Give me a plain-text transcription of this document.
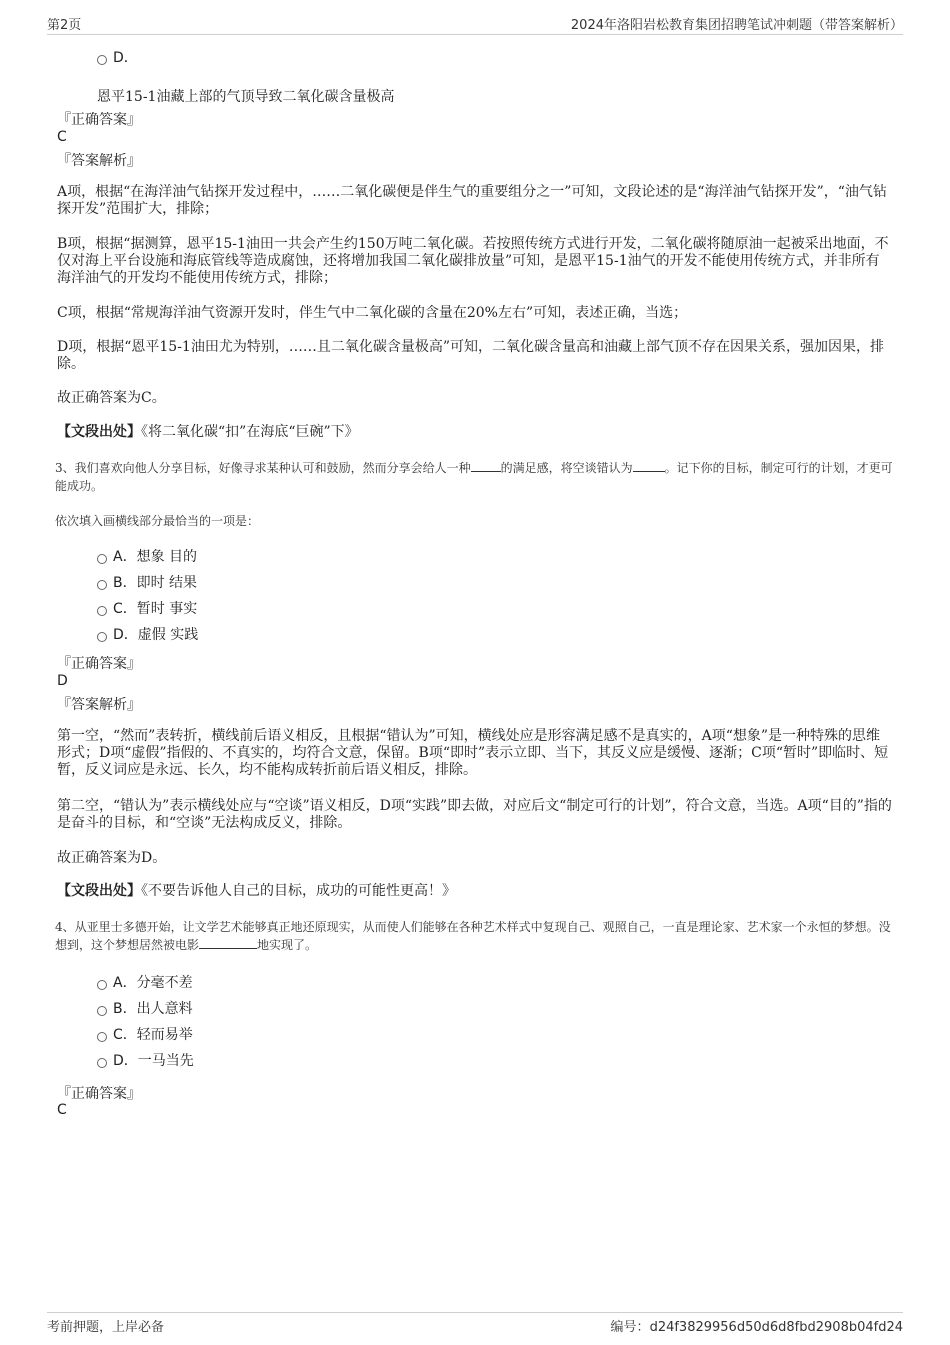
第2页	2024年洛阳岩松教育集团招聘笔试冲刺题（带答案解析）
D．
恩平15-1油藏上部的气顶导致二氧化碳含量极高
『正确答案』
C
『答案解析』
A项，根据“在海洋油气钻探开发过程中，……二氧化碳便是伴生气的重要组分之一”可知，文段论述的是“海洋油气钻探开发”，“油气钻探开发”范围扩大，排除；
B项，根据“据测算，恩平15-1油田一共会产生约150万吨二氧化碳。若按照传统方式进行开发，二氧化碳将随原油一起被采出地面，不仅对海上平台设施和海底管线等造成腐蚀，还将增加我国二氧化碳排放量”可知，是恩平15-1油气的开发不能使用传统方式，并非所有海洋油气的开发均不能使用传统方式，排除；
C项，根据“常规海洋油气资源开发时，伴生气中二氧化碳的含量在20%左右”可知，表述正确，当选；
D项，根据“恩平15-1油田尤为特别，……且二氧化碳含量极高”可知，二氧化碳含量高和油藏上部气顶不存在因果关系，强加因果，排除。
故正确答案为C。
【文段出处】《将二氧化碳“扣”在海底“巨碗”下》
3、我们喜欢向他人分享目标，好像寻求某种认可和鼓励，然而分享会给人一种	的满足感，将空谈错认为	。记下你的目标，制定可行的计划，才更可能成功。
依次填入画横线部分最恰当的一项是：
A．想象 目的
B．即时 结果
C．暂时 事实
D．虚假 实践
『正确答案』
D
『答案解析』
第一空，“然而”表转折，横线前后语义相反，且根据“错认为”可知，横线处应是形容满足感不是真实的，A项“想象”是一种特殊的思维形式；D项“虚假”指假的、不真实的，均符合文意，保留。B项“即时”表示立即、当下，其反义应是缓慢、逐渐；C项“暂时”即临时、短暂，反义词应是永远、长久，均不能构成转折前后语义相反，排除。
第二空，“错认为”表示横线处应与“空谈”语义相反，D项“实践”即去做，对应后文“制定可行的计划”，符合文意，当选。A项“目的”指的是奋斗的目标，和“空谈”无法构成反义，排除。
故正确答案为D。
【文段出处】《不要告诉他人自己的目标，成功的可能性更高！》
4、从亚里士多德开始，让文学艺术能够真正地还原现实，从而使人们能够在各种艺术样式中复现自己、观照自己，一直是理论家、艺术家一个永恒的梦想。没想到，这个梦想居然被电影	地实现了。
A．分毫不差
B．出人意料
C．轻而易举
D．一马当先
『正确答案』
C
考前押题，上岸必备	编号：d24f3829956d50d6d8fbd2908b04fd24
